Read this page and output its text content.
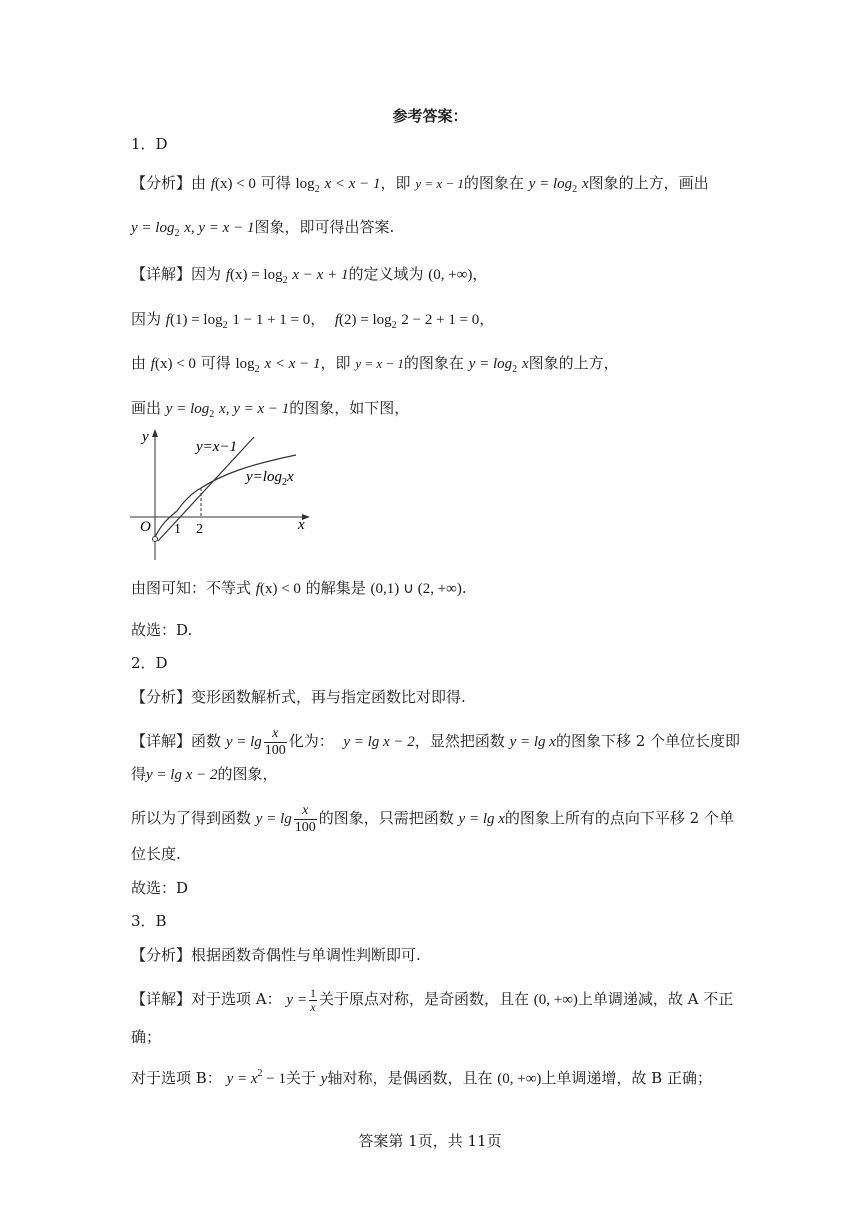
参考答案：
1．D
【分析】由 f(x) < 0 可得 $\log_2 x < x - 1$，即 y = x − 1的图象在 $y = \log_2 x$图象的上方，画出
$y = \log_2 x$, y = x − 1图象，即可得出答案.
【详解】因为 $f(x) = \log_2 x - x + 1$的定义域为 (0, +∞)，
因为 $f(1) = \log_2 1 - 1 + 1 = 0$， $f(2) = \log_2 2 - 2 + 1 = 0$，
由 f(x) < 0 可得 $\log_2 x < x - 1$，即 y = x − 1的图象在 $y = \log_2 x$图象的上方，
画出 $y = \log_2 x$, y = x − 1的图象，如下图，
y
x
O 1 2
y=x−1
$y=\log_2x$
由图可知：不等式 f(x) < 0 的解集是 (0,1) ∪ (2, +∞).
故选：D.
2．D
【分析】变形函数解析式，再与指定函数比对即得.
【详解】函数 $y = \lg \frac{x}{100}$ 化为： y = lg x − 2，显然把函数 y = lg x的图象下移 2 个单位长度即
得y = lg x − 2的图象，
所以为了得到函数 $y = \lg \frac{x}{100}$ 的图象，只需把函数 y = lg x的图象上所有的点向下平移 2 个单
位长度.
故选：D
3．B
【分析】根据函数奇偶性与单调性判断即可.
【详解】对于选项 A： $y = \frac{1}{x}$ 关于原点对称，是奇函数，且在 (0, +∞)上单调递减，故 A 不正
确；
对于选项 B： $y = x^2 - 1$关于 y轴对称，是偶函数，且在 (0, +∞)上单调递增，故 B 正确；
答案第 1页，共 11页
